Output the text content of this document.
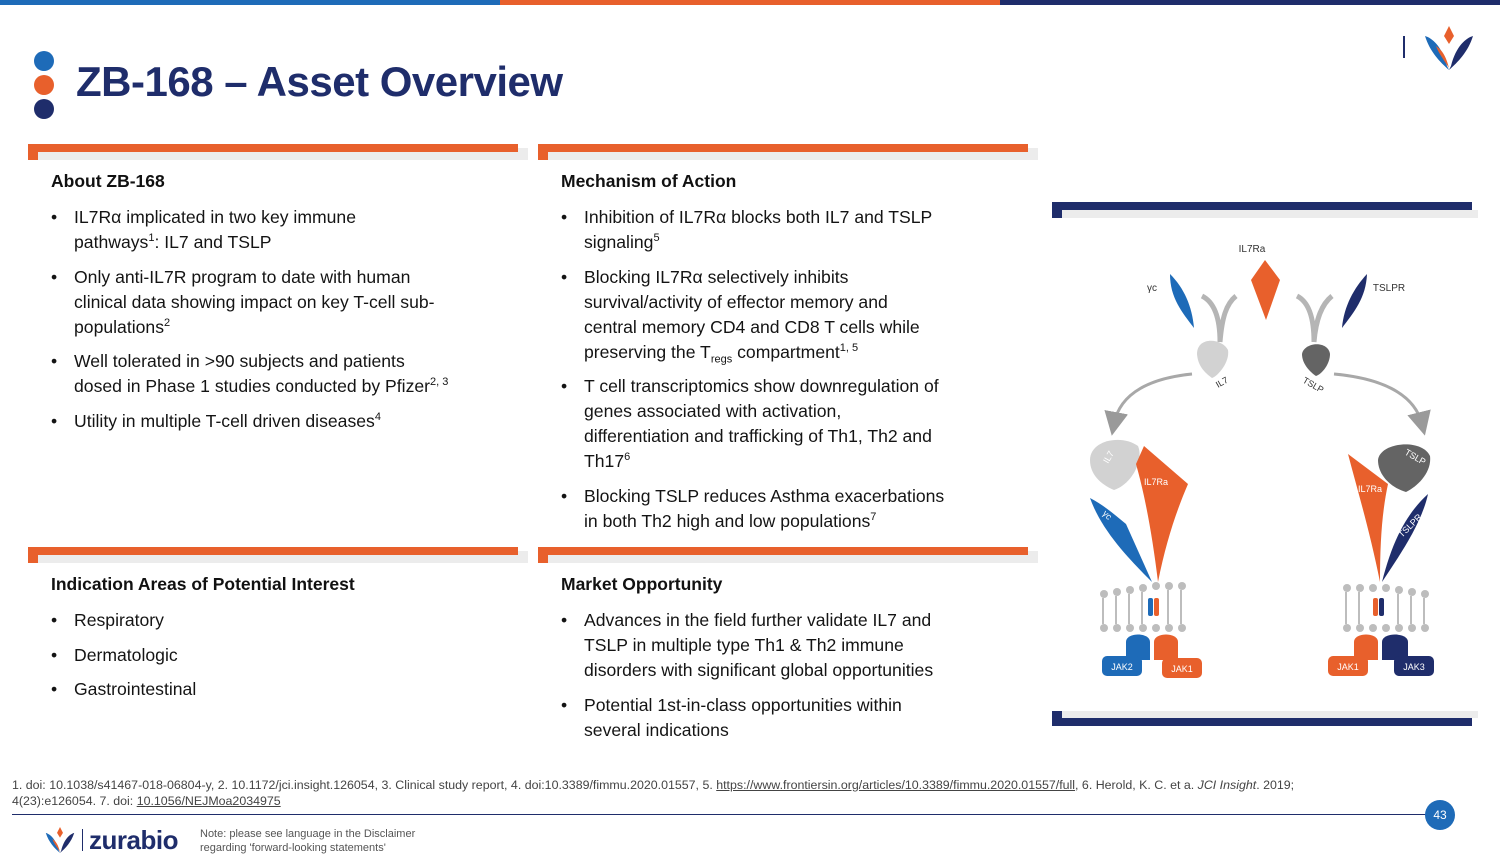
ZB-168 – Asset Overview
About ZB-168
• IL7Rα implicated in two key immune
pathways$^1$: IL7 and TSLP
• Only anti-IL7R program to date with human
clinical data showing impact on key T-cell sub-
populations$^2$
• Well tolerated in >90 subjects and patients
dosed in Phase 1 studies conducted by Pfizer$^{2, 3}$
• Utility in multiple T-cell driven diseases$^4$
Mechanism of Action
• Inhibition of IL7Rα blocks both IL7 and TSLP
signaling$^5$
• Blocking IL7Rα selectively inhibits
survival/activity of effector memory and
central memory CD4 and CD8 T cells while
preserving the $T_{regs}$ compartment$^{1, 5}$
• T cell transcriptomics show downregulation of
genes associated with activation,
differentiation and trafficking of Th1, Th2 and
$Th17^6$
• Blocking TSLP reduces Asthma exacerbations
in both Th2 high and low populations$^7$
Indication Areas of Potential Interest
• Respiratory
• Dermatologic
• Gastrointestinal
Market Opportunity
• Advances in the field further validate IL7 and
TSLP in multiple type Th1 & Th2 immune
disorders with significant global opportunities
• Potential 1st-in-class opportunities within
several indications
IL7Ra
γc	TSLPR
IL7	TSLP
IL7
γc
IL7Ra
TSLP
IL7Ra
TSLPR
JAK2	JAK1	JAK1	JAK3
1. doi: 10.1038/s41467-018-06804-y, 2. 10.1172/jci.insight.126054, 3. Clinical study report, 4. doi:10.3389/fimmu.2020.01557, 5. https://www.frontiersin.org/articles/10.3389/fimmu.2020.01557/full, 6. Herold, K. C. et a. JCI Insight. 2019;
4(23):e126054. 7. doi: 10.1056/NEJMoa2034975
43
zurabio Note: please see language in the Disclaimer
regarding 'forward-looking statements'
